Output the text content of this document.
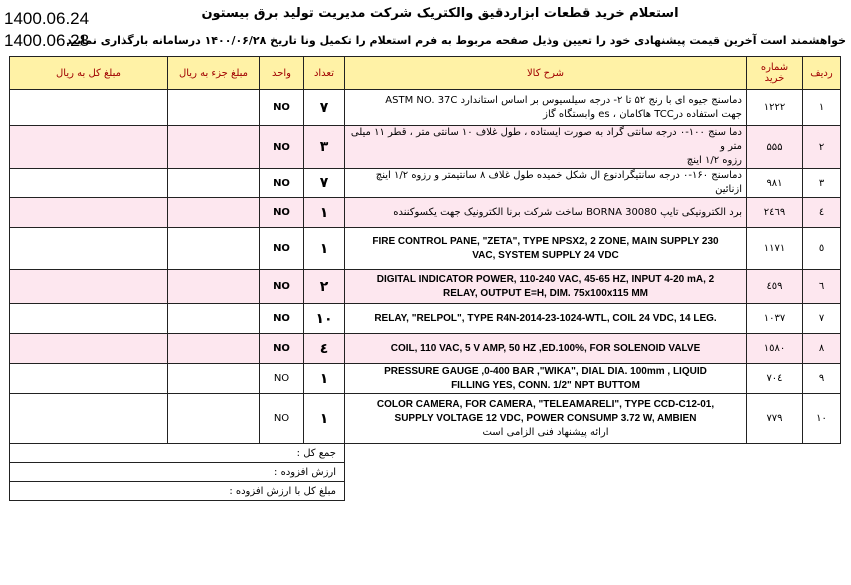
1400.06.24
1400.06.28
استعلام خرید قطعات ابزاردقیق والکتریک شرکت مدیریت تولید برق بیستون
خواهشمند است آخرین قیمت پیشنهادی خود را تعیین وذیل صفحه مربوط به فرم استعلام را تکمیل ونا تاریخ ۱۴۰۰/۰۶/۲۸ درسامانه بارگذاری نمایید
ردیف	شماره خرید	شرح کالا	تعداد	واحد	مبلغ جزء به ریال	مبلغ کل به ریال
۱	۱۲۲۲	دماسنج جیوه ای با رنج ۵۲ تا ۲- درجه سیلسیوس بر اساس استاندارد ASTM NO. 37C
جهت استفاده درTCC هاکامان ، es وابستگاه گاز	۷	NO		
۲	۵۵۵	دما سنج ۱۰۰-۰ درجه سانتی گراد به صورت ایستاده ، طول غلاف ۱۰ سانتی متر ، قطر ۱۱ میلی متر و
رزوه ۱/۲ اینچ	۳	NO		
۳	۹۸۱	دماسنج ۱۶۰-۰ درجه سانتیگرادنوع ال شکل خمیده طول غلاف ۸ سانتیمتر و رزوه ۱/۲ اینچ ازنائین	۷	NO		
٤	۲٤٦۹	برد الکترونیکی تایپ BORNA 30080 ساخت شرکت برنا الکترونیک جهت یکسوکننده	۱	NO		
٥	۱۱۷۱	FIRE CONTROL PANE, "ZETA", TYPE NPSX2, 2 ZONE, MAIN SUPPLY 230
VAC, SYSTEM SUPPLY 24 VDC	۱	NO		
٦	٤٥۹	DIGITAL INDICATOR POWER, 110-240 VAC, 45-65 HZ, INPUT 4-20 mA, 2
RELAY, OUTPUT E=H, DIM. 75x100x115 MM	۲	NO		
۷	۱۰۳۷	RELAY, "RELPOL", TYPE R4N-2014-23-1024-WTL, COIL 24 VDC, 14 LEG.	۱۰	NO		
۸	۱٥۸۰	COIL, 110 VAC, 5 V AMP, 50 HZ ,ED.100%, FOR SOLENOID VALVE	٤	NO		
۹	۷۰٤	PRESSURE GAUGE ,0-400 BAR ,"WIKA", DIAL DIA. 100mm , LIQUID
FILLING YES, CONN. 1/2" NPT BUTTOM	۱	NO		
۱۰	۷۷۹	COLOR CAMERA, FOR CAMERA, "TELEAMARELI", TYPE CCD-C12-01,
SUPPLY VOLTAGE 12 VDC, POWER CONSUMP 3.72 W, AMBIEN
ارائه پیشنهاد فنی الزامی است	۱	NO		
			جمع کل :			
			ارزش افزوده :			
			مبلغ کل با ارزش افزوده :			
